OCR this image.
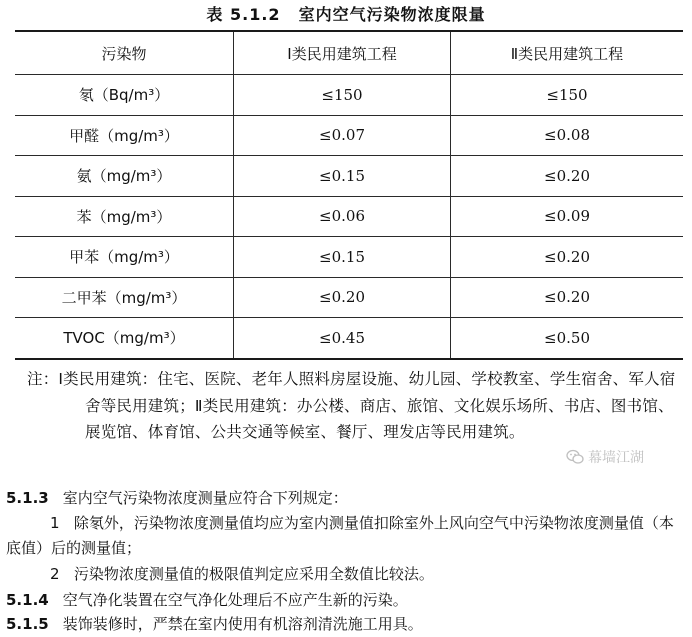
表 5.1.2 室内空气污染物浓度限量
污染物	Ⅰ类民用建筑工程	Ⅱ类民用建筑工程
氡（Bq/m³）	≤150	≤150
甲醛（mg/m³）	≤0.07	≤0.08
氨（mg/m³）	≤0.15	≤0.20
苯（mg/m³）	≤0.06	≤0.09
甲苯（mg/m³）	≤0.15	≤0.20
二甲苯（mg/m³）	≤0.20	≤0.20
TVOC（mg/m³）	≤0.45	≤0.50
注：Ⅰ类民用建筑：住宅、医院、老年人照料房屋设施、幼儿园、学校教室、学生宿舍、军人宿舍等民用建筑；Ⅱ类民用建筑：办公楼、商店、旅馆、文化娱乐场所、书店、图书馆、展览馆、体育馆、公共交通等候室、餐厅、理发店等民用建筑。
幕墙江湖
5.1.3 室内空气污染物浓度测量应符合下列规定：
1 除氡外，污染物浓度测量值均应为室内测量值扣除室外上风向空气中污染物浓度测量值（本底值）后的测量值；
2 污染物浓度测量值的极限值判定应采用全数值比较法。
5.1.4 空气净化装置在空气净化处理后不应产生新的污染。
5.1.5 装饰装修时，严禁在室内使用有机溶剂清洗施工用具。
